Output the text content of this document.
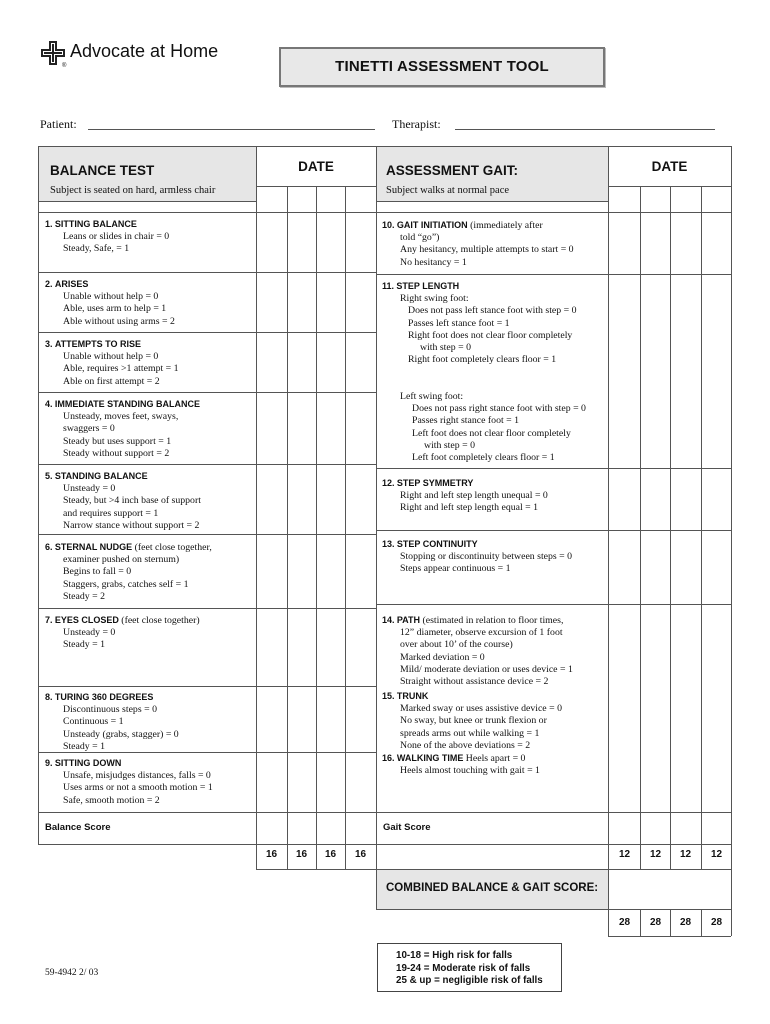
Advocate at Home
®	TINETTI ASSESSMENT TOOL
Patient:	Therapist:
BALANCE TEST
Subject is seated on hard, armless chair
DATE	ASSESSMENT GAIT:
Subject walks at normal pace
DATE
1. SITTING BALANCE
Leans or slides in chair = 0
Steady, Safe, = 1
2. ARISES
Unable without help = 0
Able, uses arm to help = 1
Able without using arms = 2
3. ATTEMPTS TO RISE
Unable without help = 0
Able, requires >1 attempt = 1
Able on first attempt = 2
4. IMMEDIATE STANDING BALANCE
Unsteady, moves feet, sways,
swaggers = 0
Steady but uses support = 1
Steady without support = 2
5. STANDING BALANCE
Unsteady = 0
Steady, but >4 inch base of support
and requires support = 1
Narrow stance without support = 2
6. STERNAL NUDGE (feet close together,
examiner pushed on sternum)
Begins to fall = 0
Staggers, grabs, catches self = 1
Steady = 2
7. EYES CLOSED (feet close together)
Unsteady = 0
Steady = 1
8. TURING 360 DEGREES
Discontinuous steps = 0
Continuous = 1
Unsteady (grabs, stagger) = 0
Steady = 1
9. SITTING DOWN
Unsafe, misjudges distances, falls = 0
Uses arms or not a smooth motion = 1
Safe, smooth motion = 2
Balance Score
16	16	16	16
10. GAIT INITIATION (immediately after
told “go”)
Any hesitancy, multiple attempts to start = 0
No hesitancy = 1
11. STEP LENGTH
Right swing foot:
Does not pass left stance foot with step = 0
Passes left stance foot = 1
Right foot does not clear floor completely
with step = 0
Right foot completely clears floor = 1
Left swing foot:
Does not pass right stance foot with step = 0
Passes right stance foot = 1
Left foot does not clear floor completely
with step = 0
Left foot completely clears floor = 1
12. STEP SYMMETRY
Right and left step length unequal = 0
Right and left step length equal = 1
13. STEP CONTINUITY
Stopping or discontinuity between steps = 0
Steps appear continuous = 1
14. PATH (estimated in relation to floor times,
12” diameter, observe excursion of 1 foot
over about 10’ of the course)
Marked deviation = 0
Mild/ moderate deviation or uses device = 1
Straight without assistance device = 2
15. TRUNK
Marked sway or uses assistive device = 0
No sway, but knee or trunk flexion or
spreads arms out while walking = 1
None of the above deviations = 2
16. WALKING TIME Heels apart = 0
Heels almost touching with gait = 1
Gait Score
12	12	12	12
COMBINED BALANCE & GAIT SCORE:
28	28	28	28
10-18 = High risk for falls
19-24 = Moderate risk of falls
25 & up = negligible risk of falls
59-4942 2/ 03
